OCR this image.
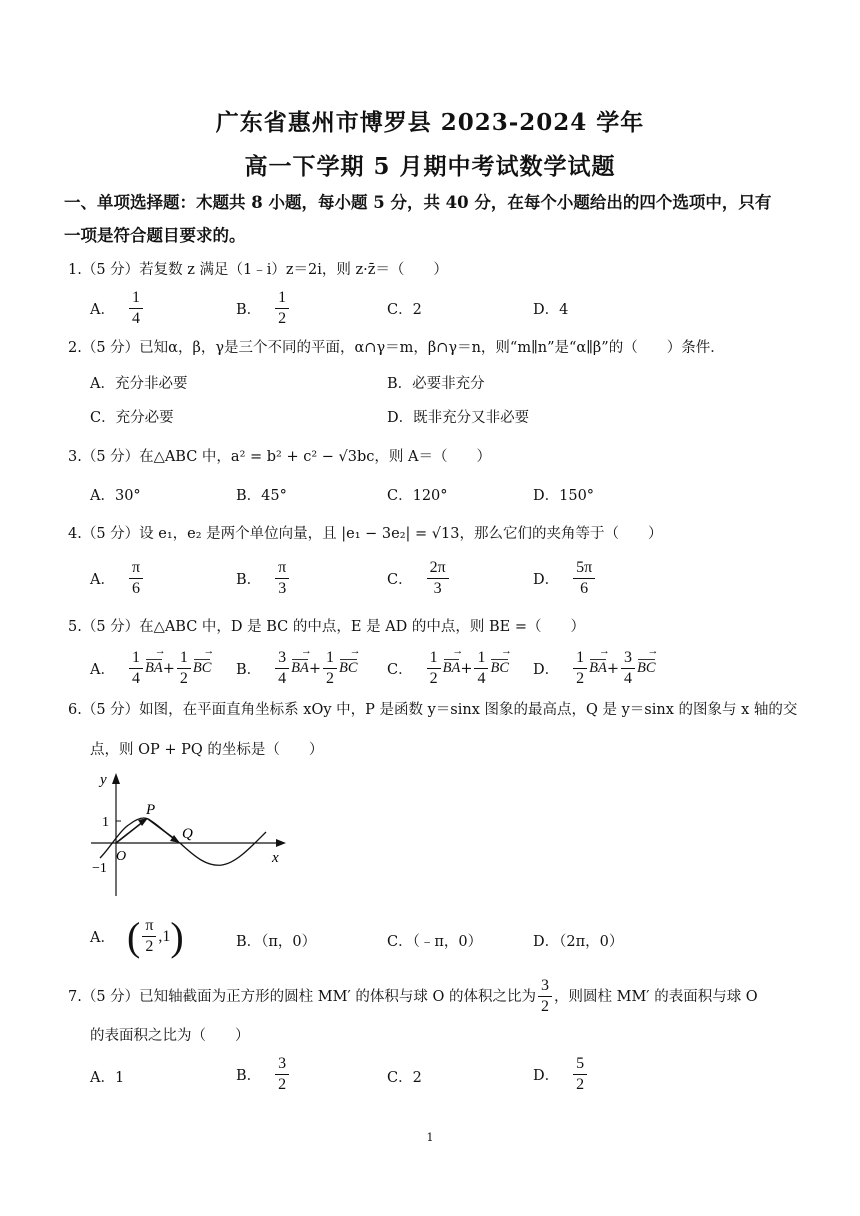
广东省惠州市博罗县 2023-2024 学年
高一下学期 5 月期中考试数学试题
一、单项选择题：木题共 8 小题，每小题 5 分，共 40 分，在每个小题给出的四个选项中，只有
一项是符合题目要求的。
1.（5 分）若复数 z 满足（1﹣i）z＝2i，则 z·z̄＝（　　）
A． $\frac{1}{4}$	B． $\frac{1}{2}$	C．2	D．4
2.（5 分）已知α，β，γ是三个不同的平面，α∩γ＝m，β∩γ＝n，则“m∥n”是“α∥β”的（　　）条件．
A．充分非必要	B．必要非充分
C．充分必要	D．既非充分又非必要
3.（5 分）在△ABC 中，a² = b² + c² − √3bc，则 A＝（　　）
A．30°	B．45°	C．120°	D．150°
4.（5 分）设 e₁，e₂ 是两个单位向量，且 |e₁ − 3e₂| = √13，那么它们的夹角等于（　　）
A． $\frac{\pi}{6}$	B． $\frac{\pi}{3}$	C． $\frac{2\pi}{3}$	D． $\frac{5\pi}{6}$
5.（5 分）在△ABC 中，D 是 BC 的中点，E 是 AD 的中点，则 BE =（　　）
A． $\frac{1}{4}$ BA → + $\frac{1}{2}$ BC → B． $\frac{3}{4}$ BA → + $\frac{1}{2}$ BC → C． $\frac{1}{2}$ BA → + $\frac{1}{4}$ BC → D． $\frac{1}{2}$ BA → + $\frac{3}{4}$ BC →
6.（5 分）如图，在平面直角坐标系 xOy 中，P 是函数 y＝sinx 图象的最高点，Q 是 y＝sinx 的图象与 x 轴的交
点，则 OP + PQ 的坐标是（　　）
y
x
1
−1
O
P
Q
A． ( $\frac{\pi}{2} ,1$ )	B．（π，0）	C．（﹣π，0）	D．（2π，0）
7.（5 分）已知轴截面为正方形的圆柱 MM′ 的体积与球 O 的体积之比为 $\frac{3}{2}$ ，则圆柱 MM′ 的表面积与球 O
的表面积之比为（　　）
A．1	B． $\frac{3}{2}$	C．2	D． $\frac{5}{2}$
1
